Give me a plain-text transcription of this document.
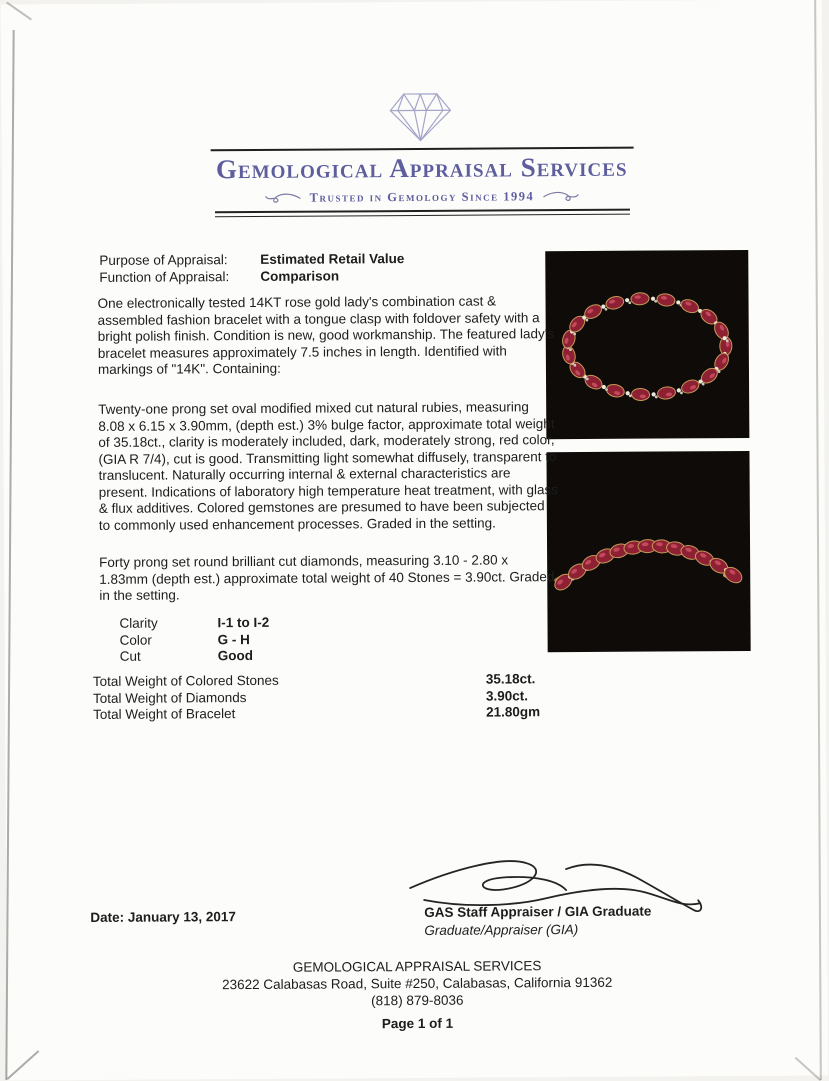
Gemological Appraisal Services
Trusted in Gemology Since 1994
Purpose of Appraisal: Estimated Retail Value
Function of Appraisal: Comparison

One electronically tested 14KT rose gold lady's combination cast & assembled fashion bracelet with a tongue clasp with foldover safety with a bright polish finish. Condition is new, good workmanship. The featured lady's bracelet measures approximately 7.5 inches in length. Identified with markings of "14K". Containing:

Twenty-one prong set oval modified mixed cut natural rubies, measuring 8.08 x 6.15 x 3.90mm, (depth est.) 3% bulge factor, approximate total weight of 35.18ct., clarity is moderately included, dark, moderately strong, red color, (GIA R 7/4), cut is good. Transmitting light somewhat diffusely, transparent to translucent. Naturally occurring internal & external characteristics are present. Indications of laboratory high temperature heat treatment, with glass & flux additives. Colored gemstones are presumed to have been subjected to commonly used enhancement processes. Graded in the setting.

Forty prong set round brilliant cut diamonds, measuring 3.10 - 2.80 x 1.83mm (depth est.) approximate total weight of 40 Stones = 3.90ct. Graded in the setting.

Clarity	I-1 to I-2
Color	G - H
Cut	Good
Total Weight of Colored Stones	35.18ct.
Total Weight of Diamonds	3.90ct.
Total Weight of Bracelet	21.80gm
Date: January 13, 2017	GAS Staff Appraiser / GIA Graduate
Graduate/Appraiser (GIA)
GEMOLOGICAL APPRAISAL SERVICES
23622 Calabasas Road, Suite #250, Calabasas, California 91362
(818) 879-8036
Page 1 of 1
